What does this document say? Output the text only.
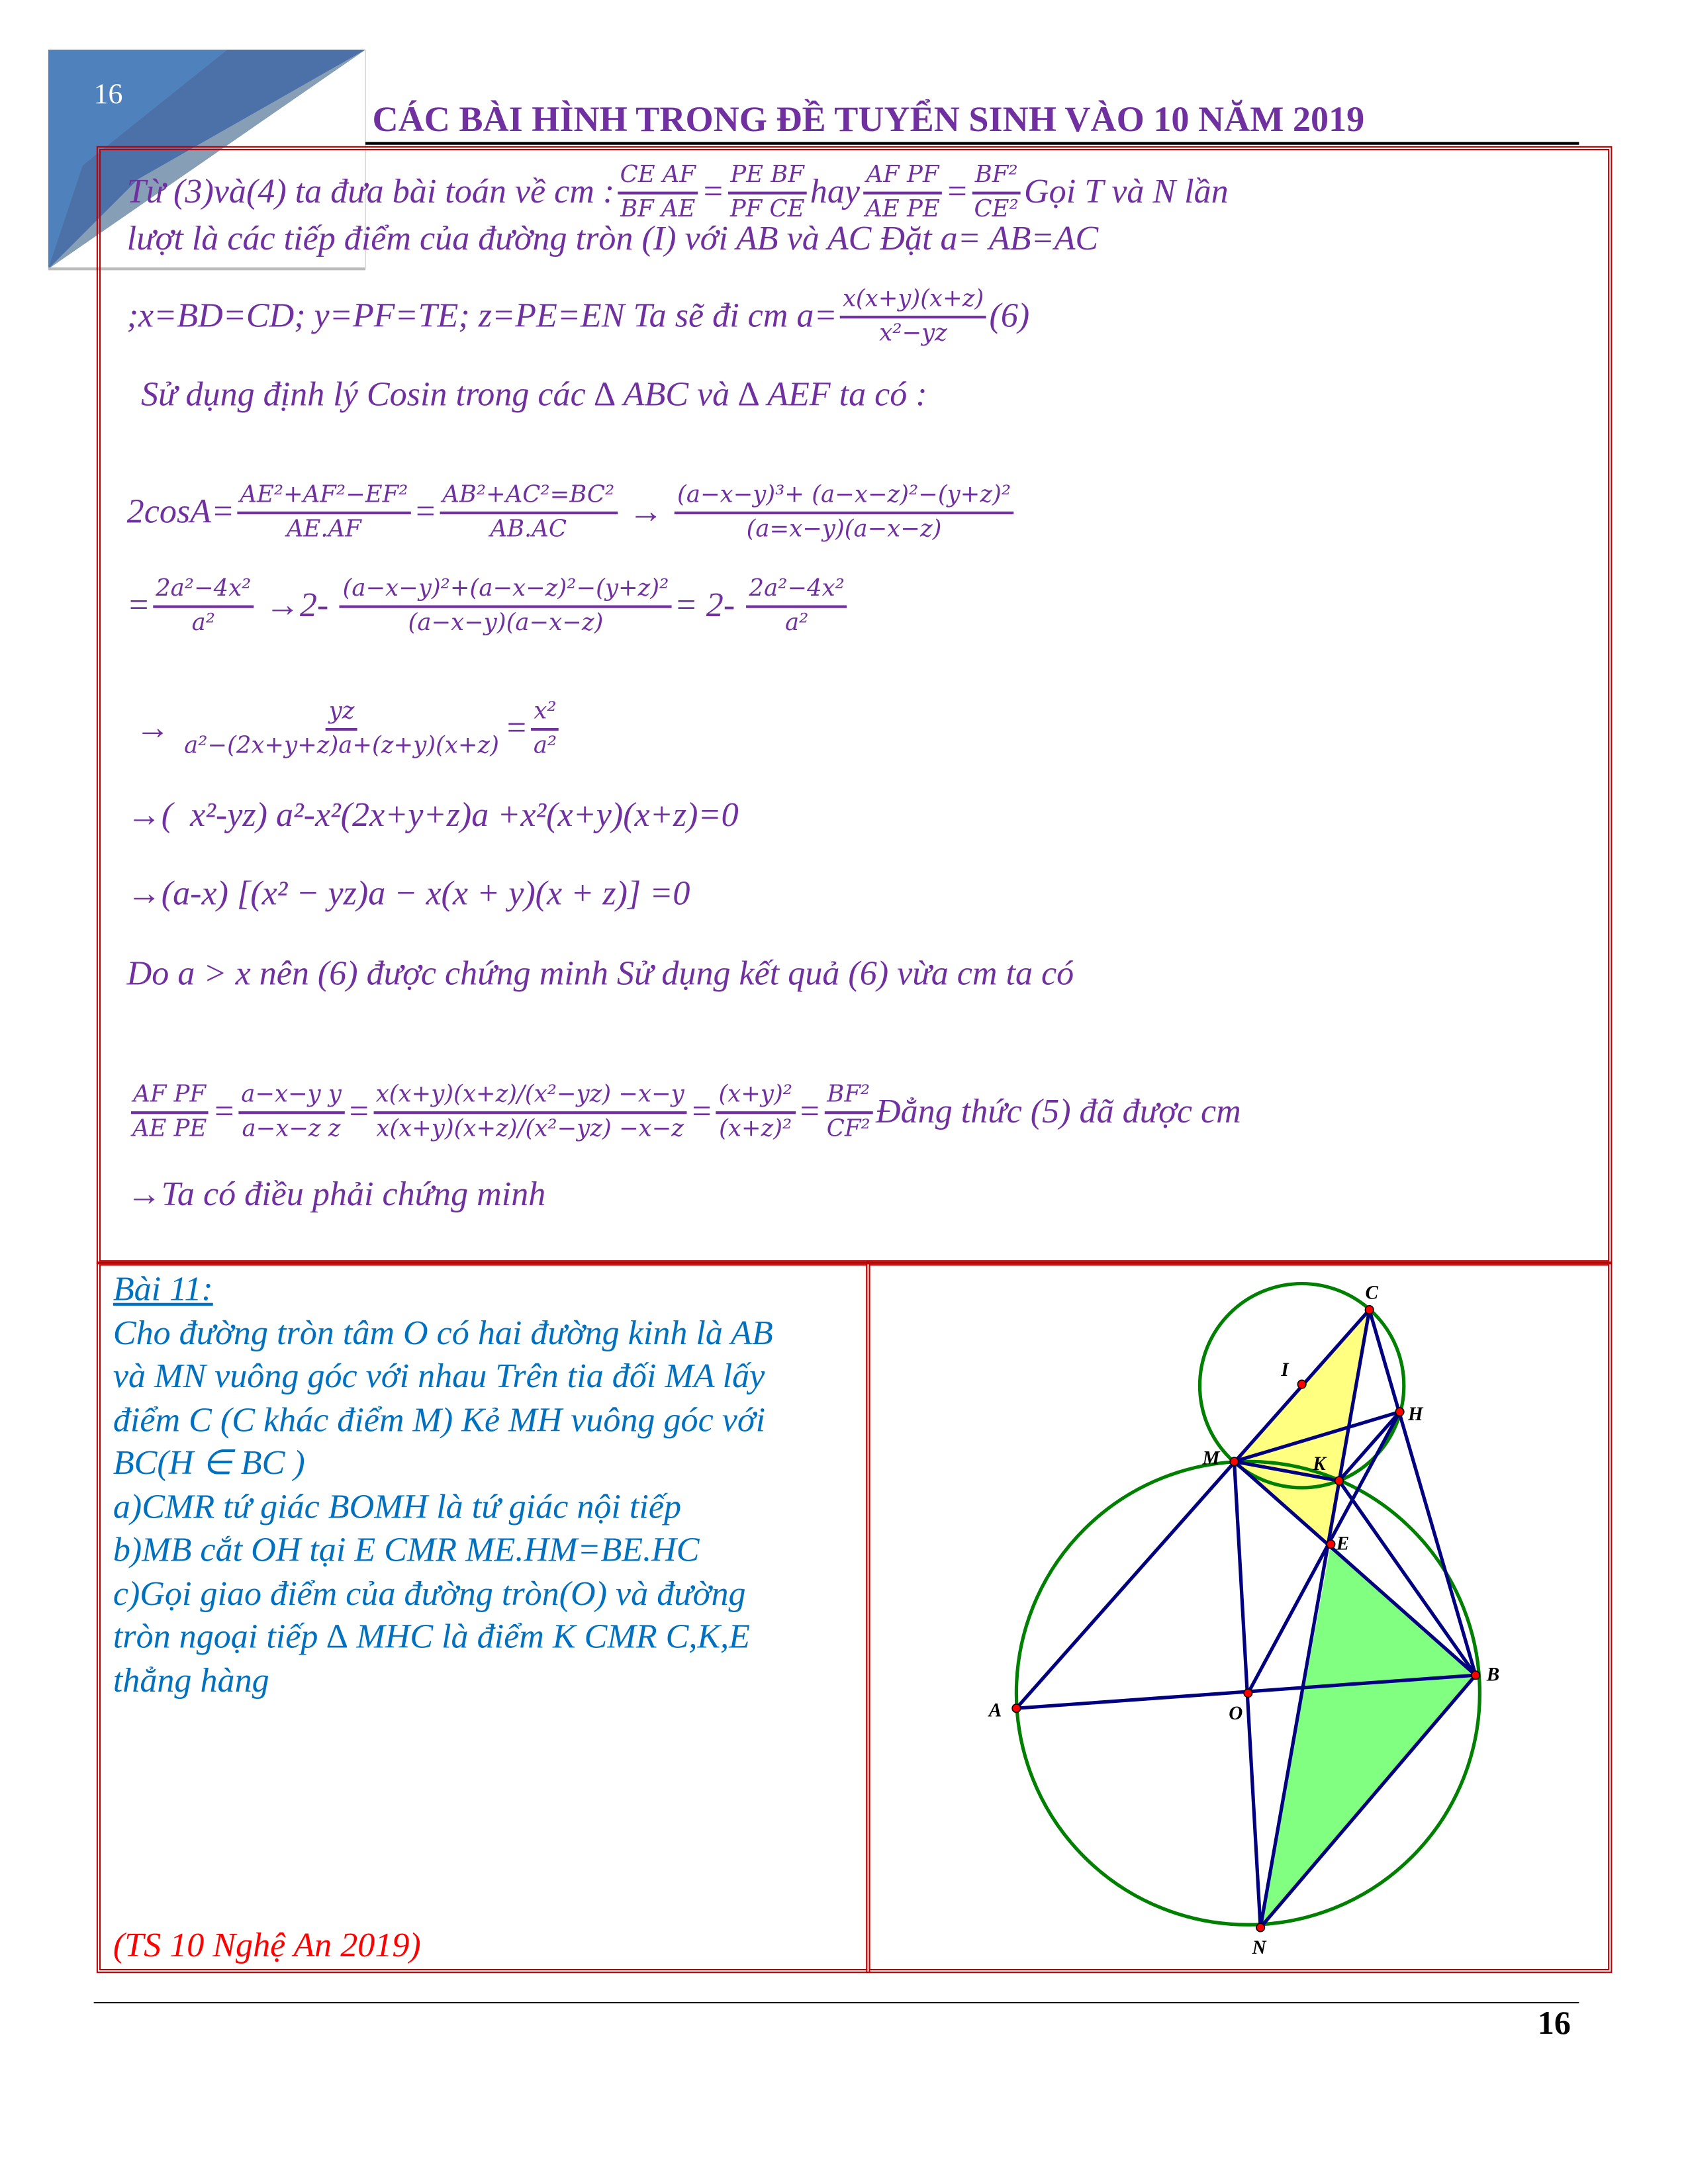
16
CÁC BÀI HÌNH TRONG ĐỀ TUYỂN SINH VÀO 10 NĂM 2019
Từ (3)và(4) ta đưa bài toán về cm : $\frac{\text{CE AF}}{\text{BF AE}} = \frac{\text{PE BF}}{\text{PF CE}}$ hay $\frac{\text{AF PF}}{\text{AE PE}} = \frac{\text{BF²}}{\text{CE²}}$ Gọi T và N lần
lượt là các tiếp điểm của đường tròn (I) với AB và AC Đặt a= AB=AC
;x=BD=CD; y=PF=TE; z=PE=EN Ta sẽ đi cm $a= \frac{x(x+y)(x+z)}{\text{x²−yz}} (6)$
Sử dụng định lý Cosin trong các ∆ ABC và ∆ AEF ta có :
$2\cos A= \frac{\text{AE²+AF²−EF²}}{AE.AF} = \frac{\text{AB²+AC²=BC²}}{AB.AC} \to \frac{\text{(a−x−y)³+ (a−x−z)²−(y+z)²}}{(a=x-y)(a-x-z)}$
= $\frac{\text{2a²−4x²}}{\text{a²}} \to 2- \frac{\text{(a−x−y)²+(a−x−z)²−(y+z)²}}{(a-x-y)(a-x-z)} = 2- \frac{\text{2a²−4x²}}{\text{a²}}$
→ $\frac{yz}{\text{a²−(2x+y+z)a+(z+y)(x+z)}} = \frac{\text{x²}}{\text{a²}}$
→(  x²-yz) a²-x²(2x+y+z)a +x²(x+y)(x+z)=0
→(a-x) [(x² − yz)a − x(x + y)(x + z)] =0
Do a > x nên (6) được chứng minh Sử dụng kết quả (6) vừa cm ta có
$\frac{\text{AF PF}}{\text{AE PE}} = \frac{\text{a−x−y y}}{\text{a−x−z z}} = \frac{\text{x(x+y)(x+z)/(x²−yz) −x−y}}{\text{x(x+y)(x+z)/(x²−yz) −x−z}} = \frac{\text{(x+y)²}}{\text{(x+z)²}} = \frac{\text{BF²}}{\text{CF²}}$ Đẳng thức (5) đã được cm
→Ta có điều phải chứng minh
Bài 11:
Cho đường tròn tâm O có hai đường kinh là AB
và MN vuông góc với nhau Trên tia đối MA lấy
điểm C (C khác điểm M) Kẻ MH vuông góc với
BC(H ∈ BC )
a)CMR tứ giác BOMH là tứ giác nội tiếp
b)MB cắt OH tại E CMR ME.HM=BE.HC
c)Gọi giao điểm của đường tròn(O) và đường
tròn ngoại tiếp ∆ MHC là điểm K CMR C,K,E
thẳng hàng
(TS 10 Nghệ An 2019)
C
I
H
M	K
E
B
O
A
N
16
